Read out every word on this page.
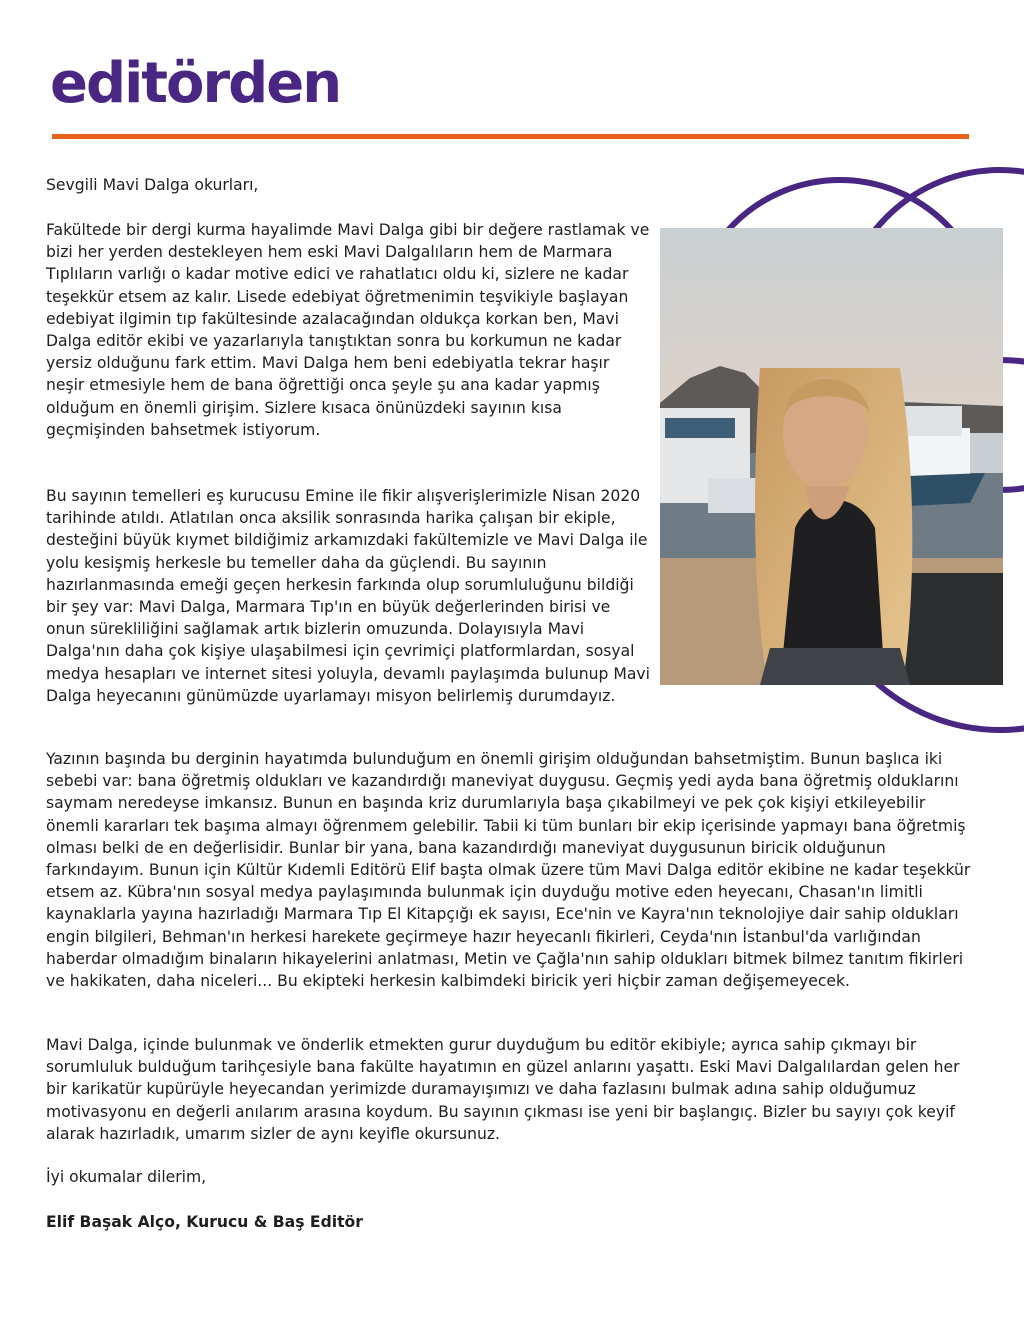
editörden

Sevgili Mavi Dalga okurları,

Fakültede bir dergi kurma hayalimde Mavi Dalga gibi bir değere rastlamak ve bizi her yerden destekleyen hem eski Mavi Dalgalıların hem de Marmara Tıplıların varlığı o kadar motive edici ve rahatlatıcı oldu ki, sizlere ne kadar teşekkür etsem az kalır. Lisede edebiyat öğretmenimin teşvikiyle başlayan edebiyat ilgimin tıp fakültesinde azalacağından oldukça korkan ben, Mavi Dalga editör ekibi ve yazarlarıyla tanıştıktan sonra bu korkumun ne kadar yersiz olduğunu fark ettim. Mavi Dalga hem beni edebiyatla tekrar haşır neşir etmesiyle hem de bana öğrettiği onca şeyle şu ana kadar yapmış olduğum en önemli girişim. Sizlere kısaca önünüzdeki sayının kısa geçmişinden bahsetmek istiyorum.

Bu sayının temelleri eş kurucusu Emine ile fikir alışverişlerimizle Nisan 2020 tarihinde atıldı. Atlatılan onca aksilik sonrasında harika çalışan bir ekiple, desteğini büyük kıymet bildiğimiz arkamızdaki fakültemizle ve Mavi Dalga ile yolu kesişmiş herkesle bu temeller daha da güçlendi. Bu sayının hazırlanmasında emeği geçen herkesin farkında olup sorumluluğunu bildiği bir şey var: Mavi Dalga, Marmara Tıp'ın en büyük değerlerinden birisi ve onun sürekliliğini sağlamak artık bizlerin omuzunda. Dolayısıyla Mavi Dalga'nın daha çok kişiye ulaşabilmesi için çevrimiçi platformlardan, sosyal medya hesapları ve internet sitesi yoluyla, devamlı paylaşımda bulunup Mavi Dalga heyecanını günümüzde uyarlamayı misyon belirlemiş durumdayız.

Yazının başında bu derginin hayatımda bulunduğum en önemli girişim olduğundan bahsetmiştim. Bunun başlıca iki sebebi var: bana öğretmiş oldukları ve kazandırdığı maneviyat duygusu. Geçmiş yedi ayda bana öğretmiş olduklarını saymam neredeyse imkansız. Bunun en başında kriz durumlarıyla başa çıkabilmeyi ve pek çok kişiyi etkileyebilir önemli kararları tek başıma almayı öğrenmem gelebilir. Tabii ki tüm bunları bir ekip içerisinde yapmayı bana öğretmiş olması belki de en değerlisidir. Bunlar bir yana, bana kazandırdığı maneviyat duygusunun biricik olduğunun farkındayım. Bunun için Kültür Kıdemli Editörü Elif başta olmak üzere tüm Mavi Dalga editör ekibine ne kadar teşekkür etsem az. Kübra'nın sosyal medya paylaşımında bulunmak için duyduğu motive eden heyecanı, Chasan'ın limitli kaynaklarla yayına hazırladığı Marmara Tıp El Kitapçığı ek sayısı, Ece'nin ve Kayra'nın teknolojiye dair sahip oldukları engin bilgileri, Behman'ın herkesi harekete geçirmeye hazır heyecanlı fikirleri, Ceyda'nın İstanbul'da varlığından haberdar olmadığım binaların hikayelerini anlatması, Metin ve Çağla'nın sahip oldukları bitmek bilmez tanıtım fikirleri ve hakikaten, daha niceleri... Bu ekipteki herkesin kalbimdeki biricik yeri hiçbir zaman değişemeyecek.

Mavi Dalga, içinde bulunmak ve önderlik etmekten gurur duyduğum bu editör ekibiyle; ayrıca sahip çıkmayı bir sorumluluk bulduğum tarihçesiyle bana fakülte hayatımın en güzel anlarını yaşattı. Eski Mavi Dalgalılardan gelen her bir karikatür kupürüyle heyecandan yerimizde duramayışımızı ve daha fazlasını bulmak adına sahip olduğumuz motivasyonu en değerli anılarım arasına koydum. Bu sayının çıkması ise yeni bir başlangıç. Bizler bu sayıyı çok keyif alarak hazırladık, umarım sizler de aynı keyifle okursunuz.

İyi okumalar dilerim,

Elif Başak Alço, Kurucu & Baş Editör
